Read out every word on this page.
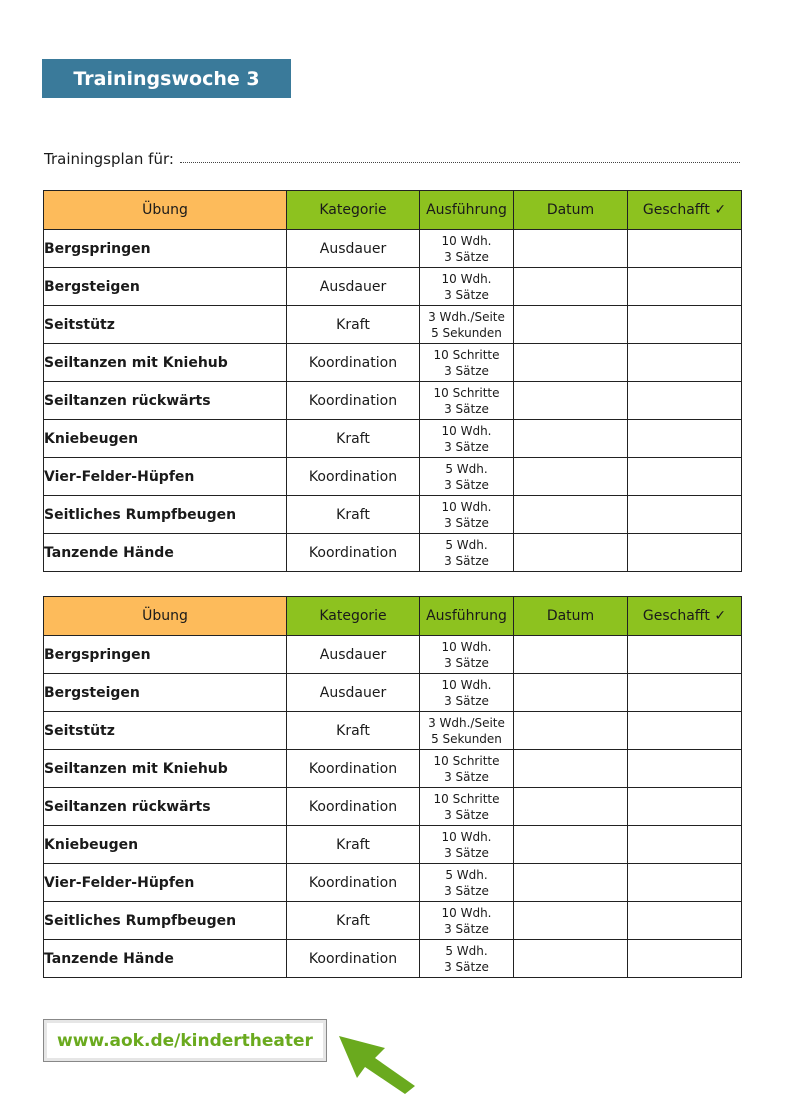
Trainingswoche 3
Trainingsplan für:
Übung	Kategorie	Ausführung	Datum	Geschafft ✓
Bergspringen	Ausdauer	10 Wdh.
3 Sätze		

Bergsteigen	Ausdauer	10 Wdh.
3 Sätze		

Seitstütz	Kraft	3 Wdh./Seite
5 Sekunden		

Seiltanzen mit Kniehub	Koordination	10 Schritte
3 Sätze		

Seiltanzen rückwärts	Koordination	10 Schritte
3 Sätze		

Kniebeugen	Kraft	10 Wdh.
3 Sätze		

Vier-Felder-Hüpfen	Koordination	5 Wdh.
3 Sätze		

Seitliches Rumpfbeugen	Kraft	10 Wdh.
3 Sätze		

Tanzende Hände	Koordination	5 Wdh.
3 Sätze		

Übung	Kategorie	Ausführung	Datum	Geschafft ✓
Bergspringen	Ausdauer	10 Wdh.
3 Sätze		

Bergsteigen	Ausdauer	10 Wdh.
3 Sätze		

Seitstütz	Kraft	3 Wdh./Seite
5 Sekunden		

Seiltanzen mit Kniehub	Koordination	10 Schritte
3 Sätze		

Seiltanzen rückwärts	Koordination	10 Schritte
3 Sätze		

Kniebeugen	Kraft	10 Wdh.
3 Sätze		

Vier-Felder-Hüpfen	Koordination	5 Wdh.
3 Sätze		

Seitliches Rumpfbeugen	Kraft	10 Wdh.
3 Sätze		

Tanzende Hände	Koordination	5 Wdh.
3 Sätze		

www.aok.de/kindertheater
